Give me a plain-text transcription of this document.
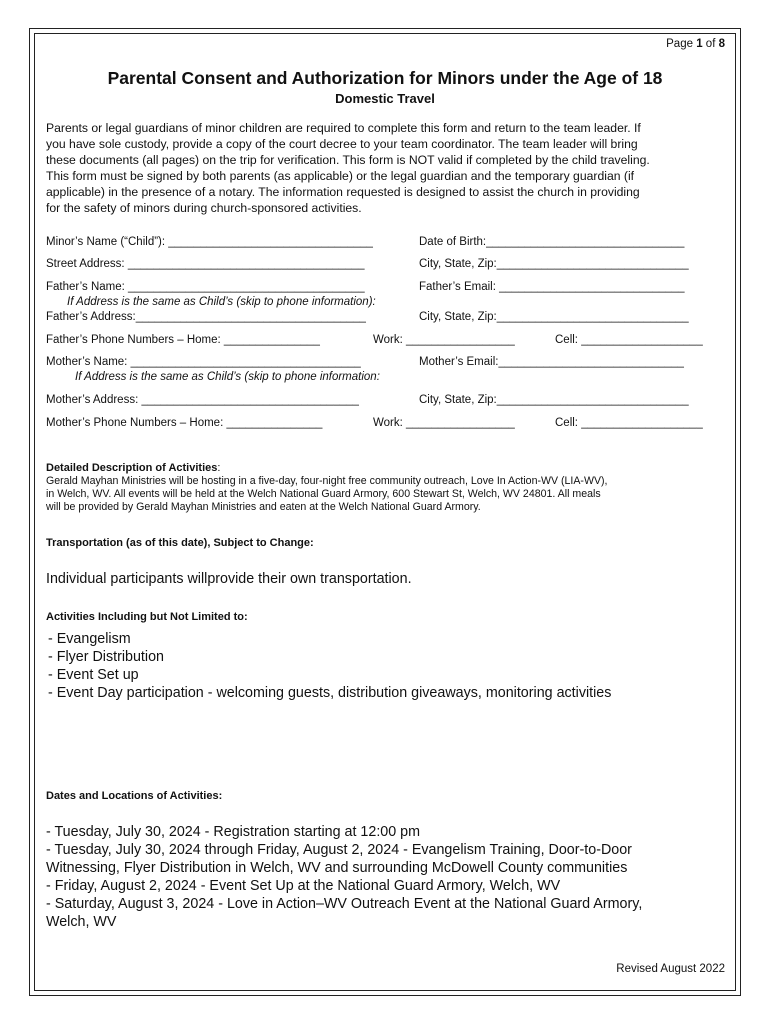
Page 1 of 8
Parental Consent and Authorization for Minors under the Age of 18
Domestic Travel
Parents or legal guardians of minor children are required to complete this form and return to the team leader. If
you have sole custody, provide a copy of the court decree to your team coordinator. The team leader will bring
these documents (all pages) on the trip for verification. This form is NOT valid if completed by the child traveling.
This form must be signed by both parents (as applicable) or the legal guardian and the temporary guardian (if
applicable) in the presence of a notary. The information requested is designed to assist the church in providing
for the safety of minors during church-sponsored activities.
Minor’s Name (“Child”): ________________________________	Date of Birth:_______________________________
Street Address: _____________________________________	City, State, Zip:______________________________
Father’s Name: _____________________________________	Father’s Email: _____________________________
If Address is the same as Child’s (skip to phone information):
Father’s Address:____________________________________	City, State, Zip:______________________________
Father’s Phone Numbers – Home: _______________	Work: _________________	Cell: ___________________
Mother’s Name: ____________________________________	Mother’s Email:_____________________________
If Address is the same as Child’s (skip to phone information:
Mother’s Address: __________________________________	City, State, Zip:______________________________
Mother’s Phone Numbers – Home: _______________	Work: _________________	Cell: ___________________
Detailed Description of Activities:
Gerald Mayhan Ministries will be hosting in a five-day, four-night free community outreach, Love In Action-WV (LIA-WV),
in Welch, WV. All events will be held at the Welch National Guard Armory, 600 Stewart St, Welch, WV 24801. All meals
will be provided by Gerald Mayhan Ministries and eaten at the Welch National Guard Armory.
Transportation (as of this date), Subject to Change:
Individual participants willprovide their own transportation.
Activities Including but Not Limited to:
- Evangelism
- Flyer Distribution
- Event Set up
- Event Day participation - welcoming guests, distribution giveaways, monitoring activities
Dates and Locations of Activities:
- Tuesday, July 30, 2024 - Registration starting at 12:00 pm
- Tuesday, July 30, 2024 through Friday, August 2, 2024 - Evangelism Training, Door-to-Door
Witnessing, Flyer Distribution in Welch, WV and surrounding McDowell County communities
- Friday, August 2, 2024 - Event Set Up at the National Guard Armory, Welch, WV
- Saturday, August 3, 2024 - Love in Action–WV Outreach Event at the National Guard Armory,
Welch, WV
Revised August 2022
